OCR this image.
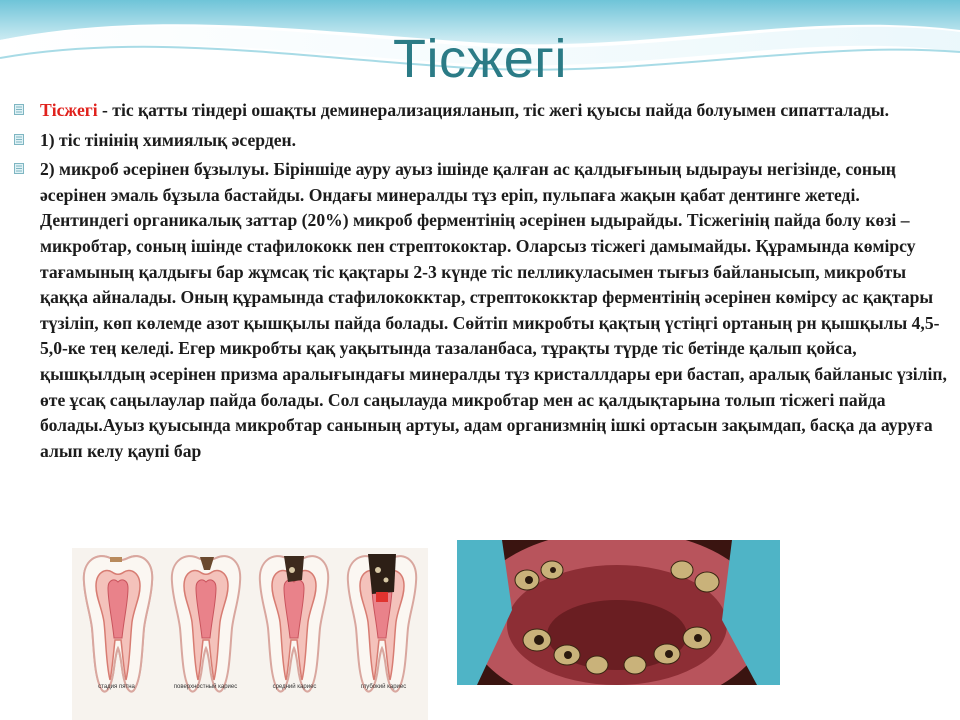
Тісжегі

Тісжегі - тіс қатты тіндері ошақты деминерализацияланып, тіс жегі қуысы пайда болуымен сипатталады.

1) тіс тінінің химиялық әсерден.

2) микроб әсерінен бұзылуы. Біріншіде ауру ауыз ішінде қалған ас қалдығының ыдырауы негізінде, соның әсерінен эмаль бұзыла бастайды. Ондағы минералды тұз еріп, пульпаға жақын қабат дентинге жетеді. Дентиндегі органикалық заттар (20%) микроб ферментінің әсерінен ыдырайды. Тісжегінің пайда болу көзі – микробтар, соның ішінде стафилококк пен стрептококтар. Оларсыз тісжегі дамымайды. Құрамында көмірсу тағамының қалдығы бар жұмсақ тіс қақтары 2-3 күнде тіс пелликуласымен тығыз байланысып, микробты қаққа айналады. Оның құрамында стафилококктар, стрептококктар ферментінің әсерінен көмірсу ас қақтары түзіліп, көп көлемде азот қышқылы пайда болады. Сөйтіп микробты қақтың үстіңгі ортаның рн қышқылы 4,5-5,0-ке тең келеді. Егер микробты қақ уақытында тазаланбаса, тұрақты түрде тіс бетінде қалып қойса, қышқылдың әсерінен призма аралығындағы минералды тұз кристаллдары ери бастап, аралық байланыс үзіліп, өте ұсақ саңылаулар пайда болады. Сол саңылауда микробтар мен ас қалдықтарына толып тісжегі пайда болады.Ауыз қуысында микробтар санының артуы, адам организмнің ішкі ортасын зақымдап, басқа да ауруға алып келу қаупі бар

стадия пятна	поверхностный кариес	средний кариес	глубокий кариес
